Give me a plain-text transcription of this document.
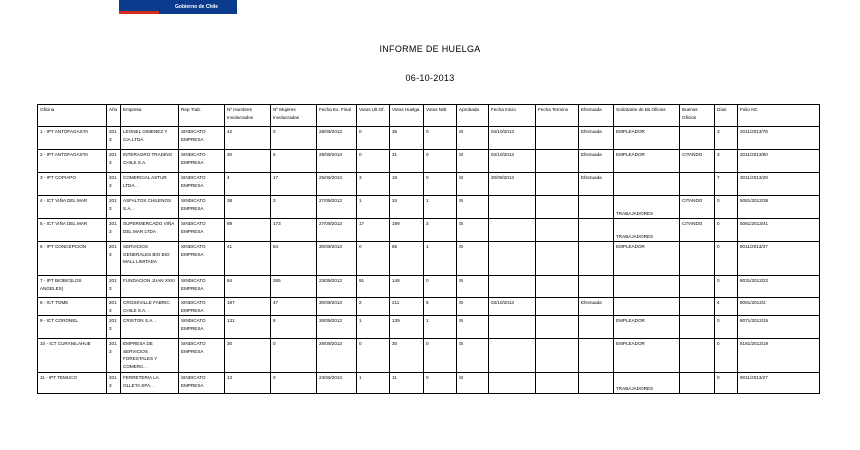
Gobierno de Chile
INFORME DE HUELGA
06-10-2013
Oficina	Año	Empresa	Rep.Trab.	Nº Hombres Involucrados	Nº Mujeres Involucradas	Fecha Ex. Final	Votos Ult.Of.	Votos Huelga	Votos N/B	Aprobada	Fecha Inicio	Fecha Termino	Efectuada	Solicitante de Bs.Oficios	Buenos Oficios	Días	Folio NC
1 - IPT ANTOFAGASTA	2013	LEONEL GIMENEZ Y CIA.LTDA.	SINDICATO EMPRESA	42	0	28/09/2013	0	35	0	SI	04/10/2013		Efectuada	EMPLEADOR		3	2011/2013/78
2 - IPT ANTOFAGASTA	2013	INTERAGRO TRADING CHILE S.A.	SINDICATO EMPRESA	30	5	28/09/2013	0	31	0	SI	04/10/2013		Efectuada	EMPLEADOR	CITANDO	3	2011/2013/80
3 - IPT COPIAPO	2013	COMERCIAL ASTUR LTDA. .	SINDICATO EMPRESA	4	17	25/09/2013	3	18	0	SI	30/09/2013		Efectuada			7	3011/2013/28
4 - ICT VIÑA DEL MAR	2013	ASFALTOS CHILENOS S.A. .	SINDICATO EMPRESA	38	3	27/09/2013	1	34	1	SI				TRABAJADORES	CITANDO	0	5081/2013/38
5 - ICT VIÑA DEL MAR	2013	SUPERMERCADO VIÑA DEL MAR LTDA	SINDICATO EMPRESA	89	173	27/09/2013	17	199	3	SI				TRABAJADORES	CITANDO	0	5081/2013/41
6 - IPT CONCEPCION	2013	SERVICIOS GENERALES BIO BIO MALL LIMITADA	SINDICATO EMPRESA	41	84	30/09/2013	0	85	1	SI				EMPLEADOR		0	8011/2013/37
7 - IPT BIOBIO(LOS ANGELES)	2013	FUNDACION JUAN XXIII .	SINDICATO EMPRESA	84	265	23/09/2013	91	148	0	SI						0	8031/2013/22
8 - ICT TOME	2013	CROSSVILLE FABRIC CHILE S.A. .	SINDICATO EMPRESA	187	47	30/09/2013	2	211	5	SI	03/10/2013		Efectuada			4	8081/2013/2
9 - ICT CORONEL	2013	CRISTON S.A. .	SINDICATO EMPRESA	131	8	30/09/2013	1	139	1	SI				EMPLEADOR		0	8071/2013/15
10 - ICT CURANILAHUE	2013	EMPRESA DE SERVICIOS FORESTALES Y COMERC. .	SINDICATO EMPRESA	30	0	28/09/2013	0	30	0	SI				EMPLEADOR		0	8181/2013/19
11 - IPT TEMUCO	2013	FERRETERIA LA OLLETA SPA. .	SINDICATO EMPRESA	13	0	23/09/2013	1	11	0	SI				TRABAJADORES		0	9011/2013/27
